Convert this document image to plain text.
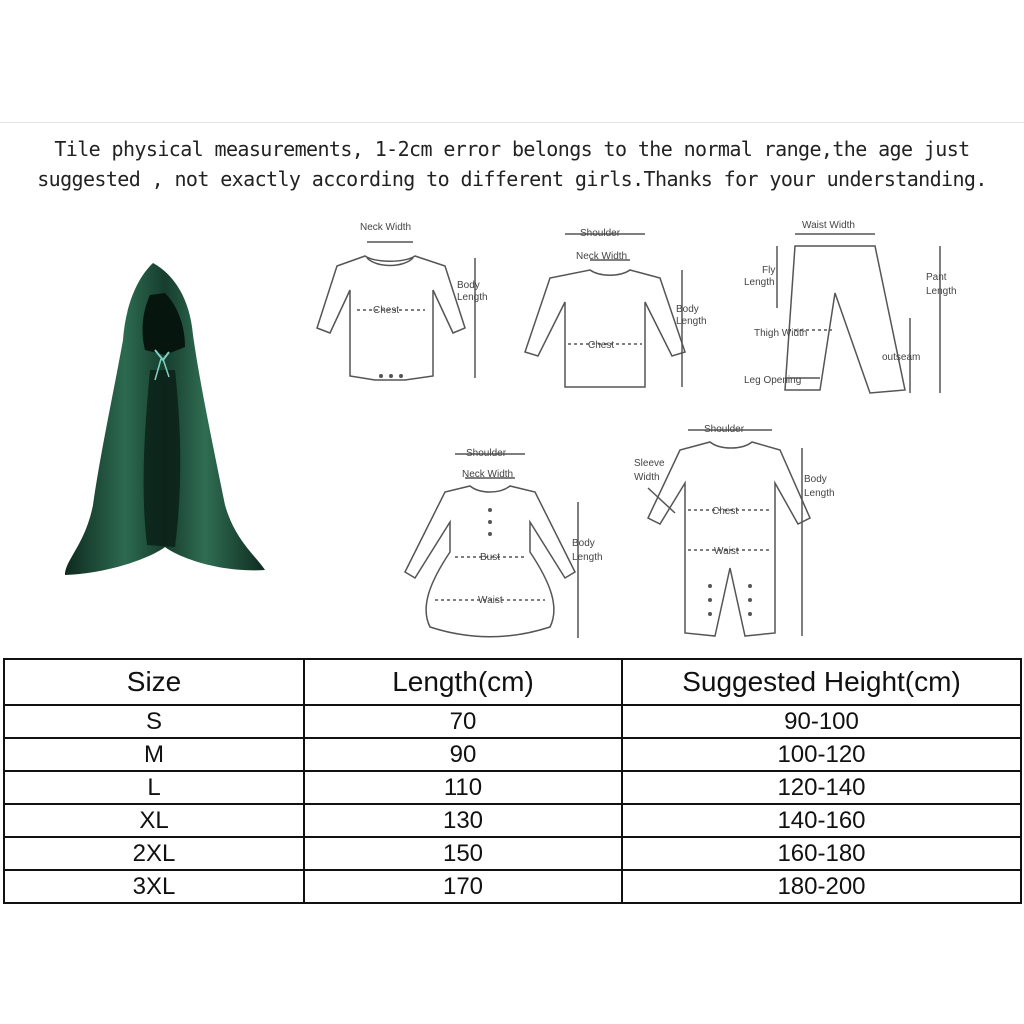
Tile physical measurements, 1-2cm error belongs to the normal range,the age just
suggested , not exactly according to different girls.Thanks for your understanding.
Neck Width
Chest
Body
Length
Shoulder
Neck Width
Chest
Body
Length
Waist Width
Fly
Length
Thigh Width
Leg Opening
outseam
Pant
Length
Shoulder
Neck Width
Bust
Waist
Body
Length
Shoulder
Sleeve
Width
Chest
Waist
Body
Length
Size	Length(cm)	Suggested Height(cm)
S	70	90-100
M	90	100-120
L	110	120-140
XL	130	140-160
2XL	150	160-180
3XL	170	180-200
